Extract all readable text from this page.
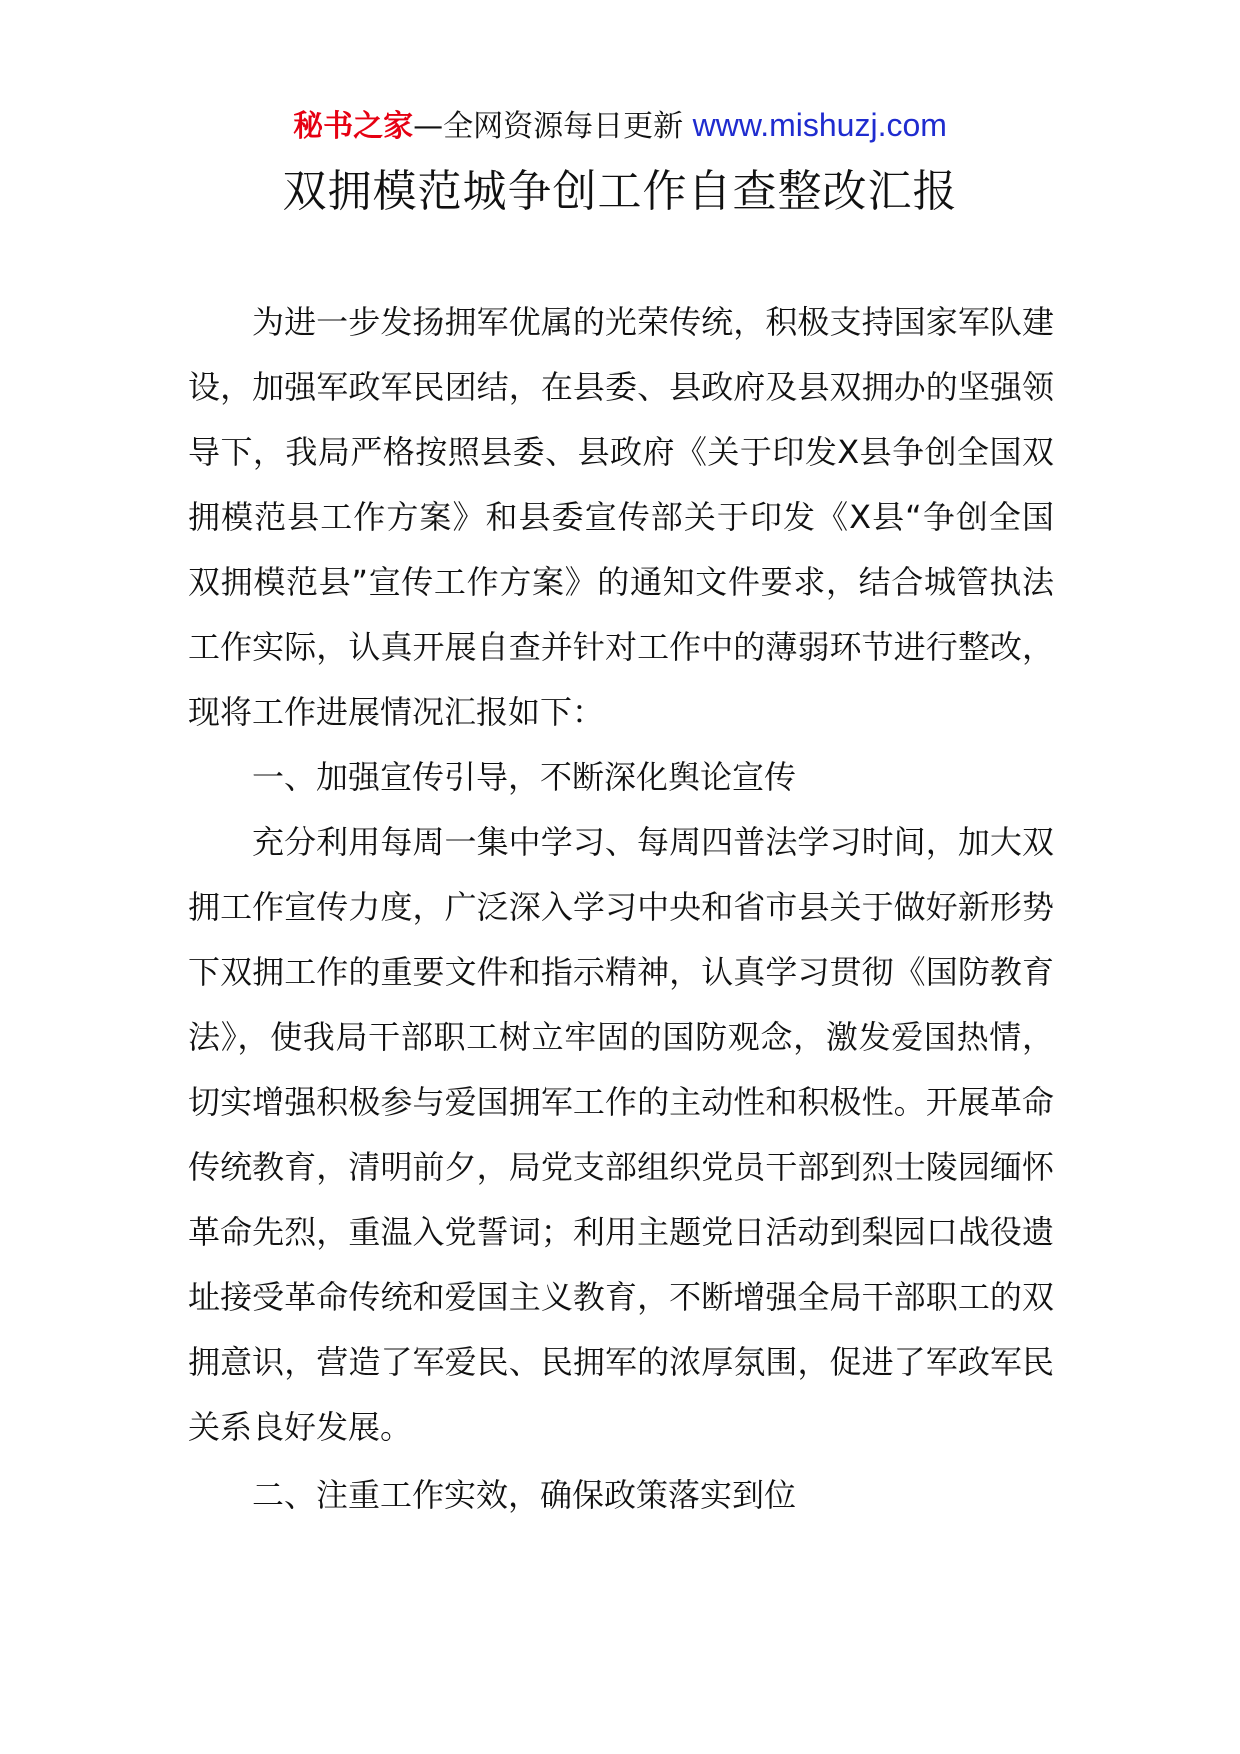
秘书之家—全网资源每日更新 www.mishuzj.com
双拥模范城争创工作自查整改汇报

为进一步发扬拥军优属的光荣传统，积极支持国家军队建设，加强军政军民团结，在县委、县政府及县双拥办的坚强领导下，我局严格按照县委、县政府《关于印发X县争创全国双拥模范县工作方案》和县委宣传部关于印发《X县“争创全国双拥模范县”宣传工作方案》的通知文件要求，结合城管执法工作实际，认真开展自查并针对工作中的薄弱环节进行整改，现将工作进展情况汇报如下：

一、加强宣传引导，不断深化舆论宣传

充分利用每周一集中学习、每周四普法学习时间，加大双拥工作宣传力度，广泛深入学习中央和省市县关于做好新形势下双拥工作的重要文件和指示精神，认真学习贯彻《国防教育法》，使我局干部职工树立牢固的国防观念，激发爱国热情，切实增强积极参与爱国拥军工作的主动性和积极性。开展革命传统教育，清明前夕，局党支部组织党员干部到烈士陵园缅怀革命先烈，重温入党誓词；利用主题党日活动到梨园口战役遗址接受革命传统和爱国主义教育，不断增强全局干部职工的双拥意识，营造了军爱民、民拥军的浓厚氛围，促进了军政军民关系良好发展。

二、注重工作实效，确保政策落实到位
